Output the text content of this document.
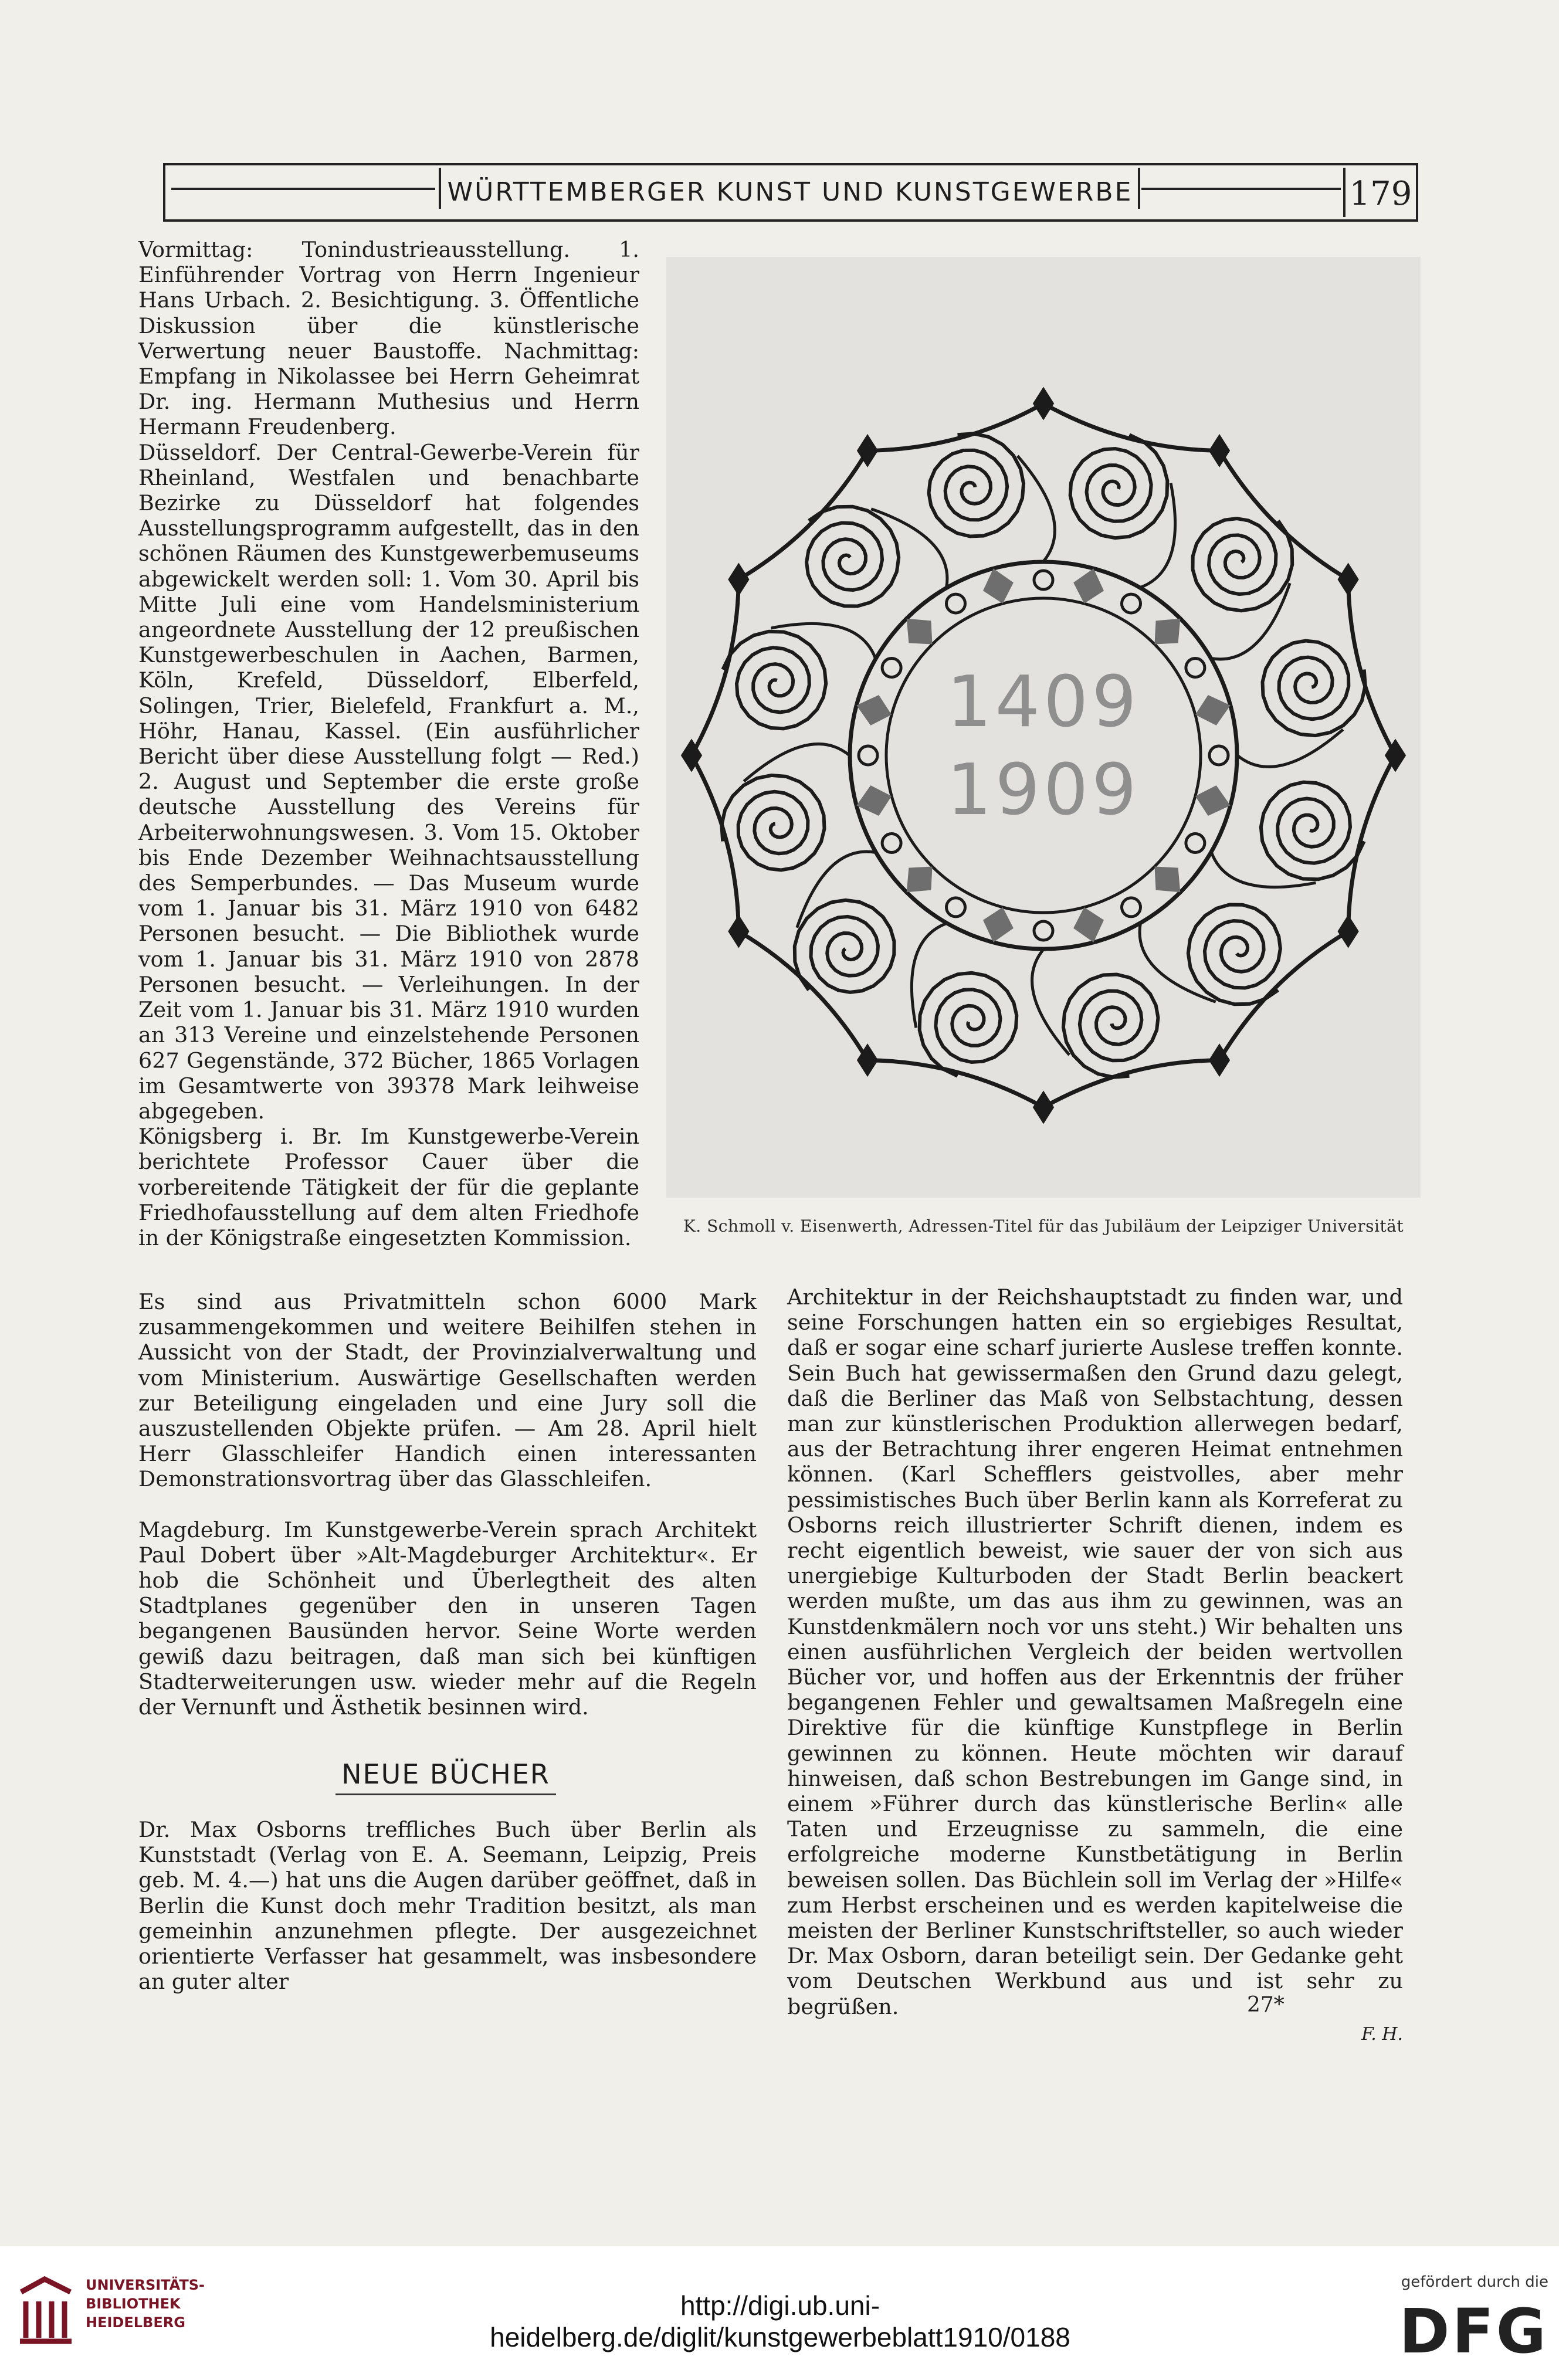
WÜRTTEMBERGER KUNST UND KUNSTGEWERBE	179

Vormittag: Tonindustrieausstellung. 1. Einführender Vortrag von Herrn Ingenieur Hans Urbach. 2. Besichtigung. 3. Öffentliche Diskussion über die künstlerische Verwertung neuer Baustoffe. Nachmittag: Empfang in Nikolassee bei Herrn Geheimrat Dr. ing. Hermann Muthesius und Herrn Hermann Freudenberg.

Düsseldorf. Der Central-Gewerbe-Verein für Rheinland, Westfalen und benachbarte Bezirke zu Düsseldorf hat folgendes Ausstellungsprogramm aufgestellt, das in den schönen Räumen des Kunstgewerbemuseums abgewickelt werden soll: 1. Vom 30. April bis Mitte Juli eine vom Handelsministerium angeordnete Ausstellung der 12 preußischen Kunstgewerbeschulen in Aachen, Barmen, Köln, Krefeld, Düsseldorf, Elberfeld, Solingen, Trier, Bielefeld, Frankfurt a. M., Höhr, Hanau, Kassel. (Ein ausführlicher Bericht über diese Ausstellung folgt — Red.) 2. August und September die erste große deutsche Ausstellung des Vereins für Arbeiterwohnungswesen. 3. Vom 15. Oktober bis Ende Dezember Weihnachtsausstellung des Semperbundes. — Das Museum wurde vom 1. Januar bis 31. März 1910 von 6482 Personen besucht. — Die Bibliothek wurde vom 1. Januar bis 31. März 1910 von 2878 Personen besucht. — Verleihungen. In der Zeit vom 1. Januar bis 31. März 1910 wurden an 313 Vereine und einzelstehende Personen 627 Gegenstände, 372 Bücher, 1865 Vorlagen im Gesamtwerte von 39378 Mark leihweise abgegeben.

Königsberg i. Br. Im Kunstgewerbe-Verein berichtete Professor Cauer über die vorbereitende Tätigkeit der für die geplante Friedhofausstellung auf dem alten Friedhofe in der Königstraße eingesetzten Kommission.

1409
1909
K. Schmoll v. Eisenwerth, Adressen-Titel für das Jubiläum der Leipziger Universität

Es sind aus Privatmitteln schon 6000 Mark zusammengekommen und weitere Beihilfen stehen in Aussicht von der Stadt, der Provinzialverwaltung und vom Ministerium. Auswärtige Gesellschaften werden zur Beteiligung eingeladen und eine Jury soll die auszustellenden Objekte prüfen. — Am 28. April hielt Herr Glasschleifer Handich einen interessanten Demonstrationsvortrag über das Glasschleifen.

Magdeburg. Im Kunstgewerbe-Verein sprach Architekt Paul Dobert über »Alt-Magdeburger Architektur«. Er hob die Schönheit und Überlegtheit des alten Stadtplanes gegenüber den in unseren Tagen begangenen Bausünden hervor. Seine Worte werden gewiß dazu beitragen, daß man sich bei künftigen Stadterweiterungen usw. wieder mehr auf die Regeln der Vernunft und Ästhetik besinnen wird.

NEUE BÜCHER

Dr. Max Osborns treffliches Buch über Berlin als Kunststadt (Verlag von E. A. Seemann, Leipzig, Preis geb. M. 4.—) hat uns die Augen darüber geöffnet, daß in Berlin die Kunst doch mehr Tradition besitzt, als man gemeinhin anzunehmen pflegte. Der ausgezeichnet orientierte Verfasser hat gesammelt, was insbesondere an guter alter

Architektur in der Reichshauptstadt zu finden war, und seine Forschungen hatten ein so ergiebiges Resultat, daß er sogar eine scharf jurierte Auslese treffen konnte. Sein Buch hat gewissermaßen den Grund dazu gelegt, daß die Berliner das Maß von Selbstachtung, dessen man zur künstlerischen Produktion allerwegen bedarf, aus der Betrachtung ihrer engeren Heimat entnehmen können. (Karl Schefflers geistvolles, aber mehr pessimistisches Buch über Berlin kann als Korreferat zu Osborns reich illustrierter Schrift dienen, indem es recht eigentlich beweist, wie sauer der von sich aus unergiebige Kulturboden der Stadt Berlin beackert werden mußte, um das aus ihm zu gewinnen, was an Kunstdenkmälern noch vor uns steht.) Wir behalten uns einen ausführlichen Vergleich der beiden wertvollen Bücher vor, und hoffen aus der Erkenntnis der früher begangenen Fehler und gewaltsamen Maßregeln eine Direktive für die künftige Kunstpflege in Berlin gewinnen zu können. Heute möchten wir darauf hinweisen, daß schon Bestrebungen im Gange sind, in einem »Führer durch das künstlerische Berlin« alle Taten und Erzeugnisse zu sammeln, die eine erfolgreiche moderne Kunstbetätigung in Berlin beweisen sollen. Das Büchlein soll im Verlag der »Hilfe« zum Herbst erscheinen und es werden kapitelweise die meisten der Berliner Kunstschriftsteller, so auch wieder Dr. Max Osborn, daran beteiligt sein. Der Gedanke geht vom Deutschen Werkbund aus und ist sehr zu begrüßen.

F. H.

27*
UNIVERSITÄTS-
BIBLIOTHEK
HEIDELBERG
http://digi.ub.uni-heidelberg.de/diglit/kunstgewerbeblatt1910/0188
gefördert durch die
DFG
